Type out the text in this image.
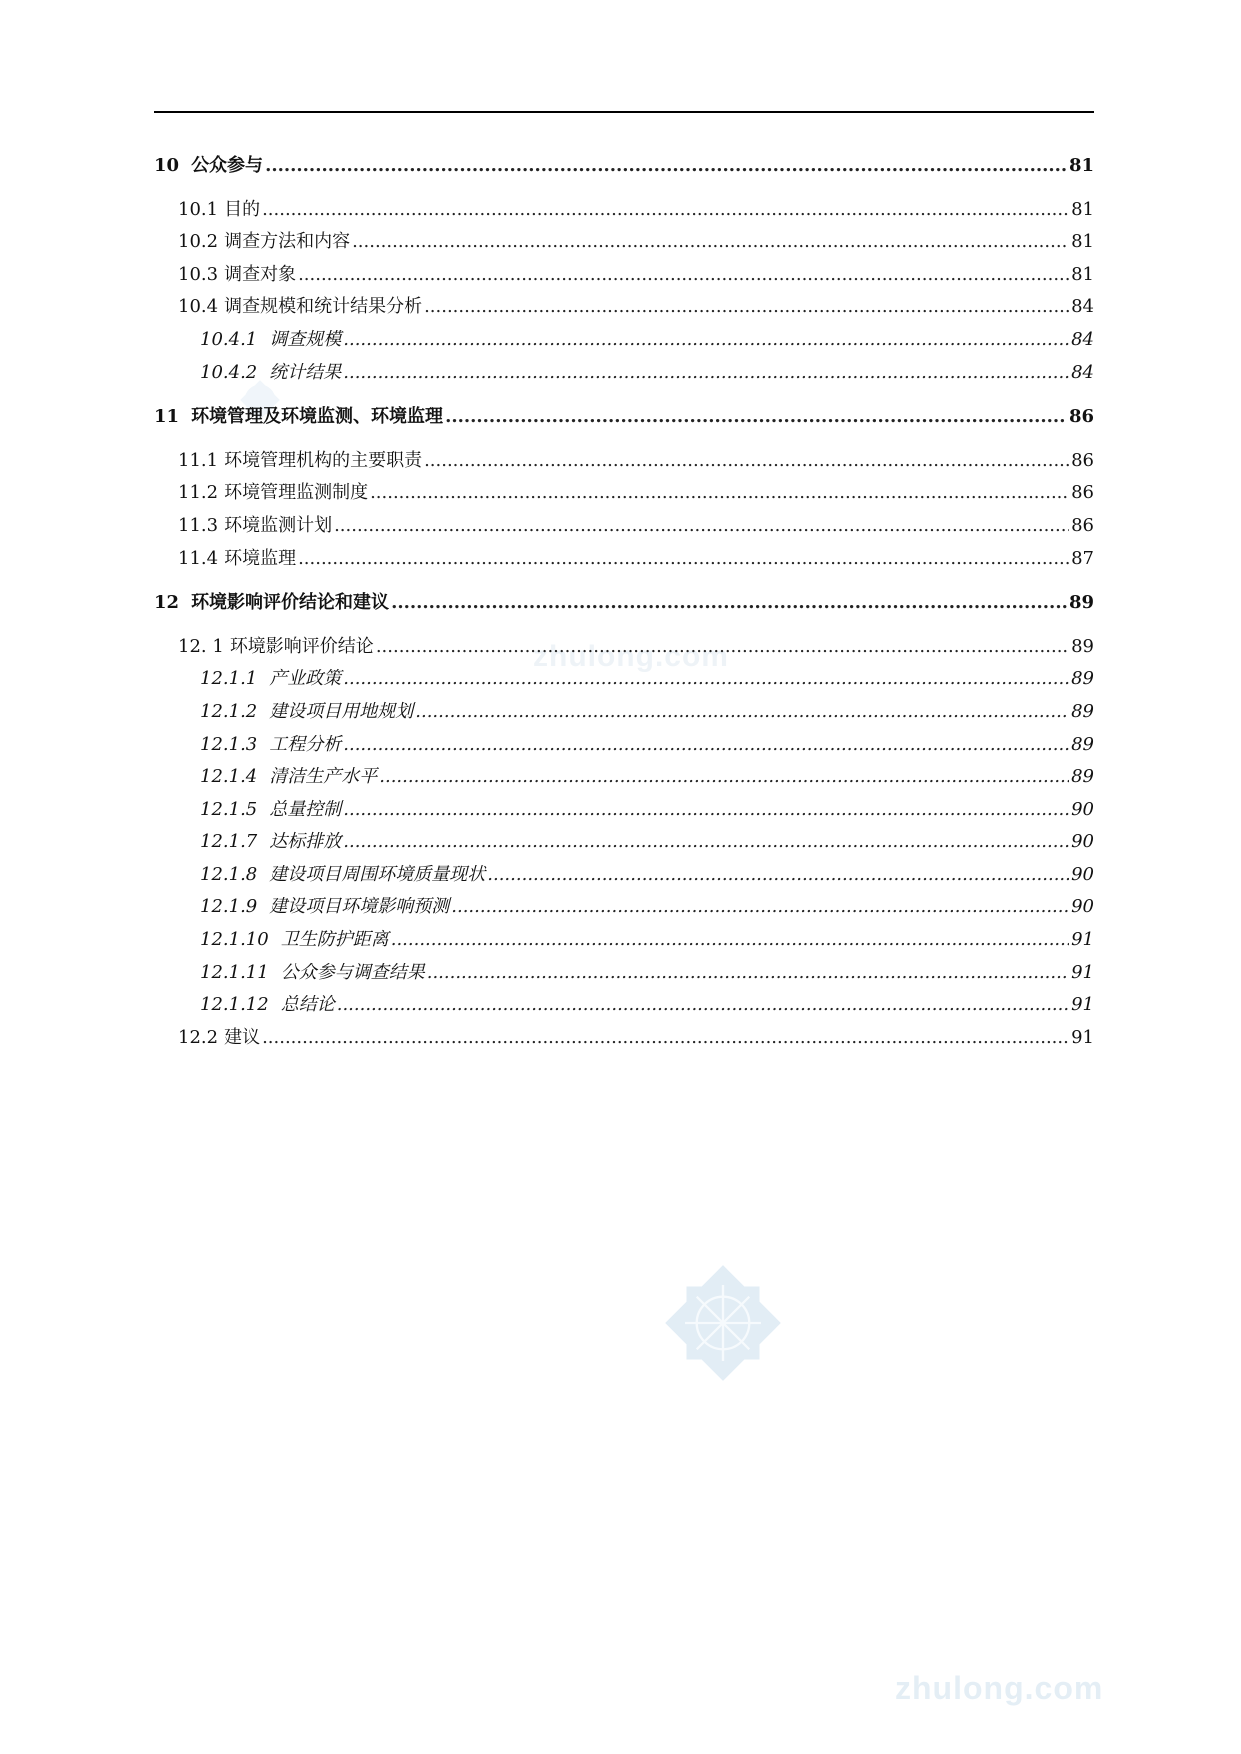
zhulong.com
zhulong.com
10 公众参与 .....	81
10.1 目的 .....	81
10.2 调查方法和内容 .....	81
10.3 调查对象 .....	81
10.4 调查规模和统计结果分析 .....	84
10.4.1 调查规模 .....	84
10.4.2 统计结果 .....	84
11 环境管理及环境监测、环境监理 .....	86
11.1 环境管理机构的主要职责 .....	86
11.2 环境管理监测制度 .....	86
11.3 环境监测计划 .....	86
11.4 环境监理 .....	87
12 环境影响评价结论和建议 .....	89
12. 1 环境影响评价结论 .....	89
12.1.1 产业政策 .....	89
12.1.2 建设项目用地规划 .....	89
12.1.3 工程分析 .....	89
12.1.4 清洁生产水平 .....	89
12.1.5 总量控制 .....	90
12.1.7 达标排放 .....	90
12.1.8 建设项目周围环境质量现状 .....	90
12.1.9 建设项目环境影响预测 .....	90
12.1.10 卫生防护距离 .....	91
12.1.11 公众参与调查结果 .....	91
12.1.12 总结论 .....	91
12.2 建议 .....	91
